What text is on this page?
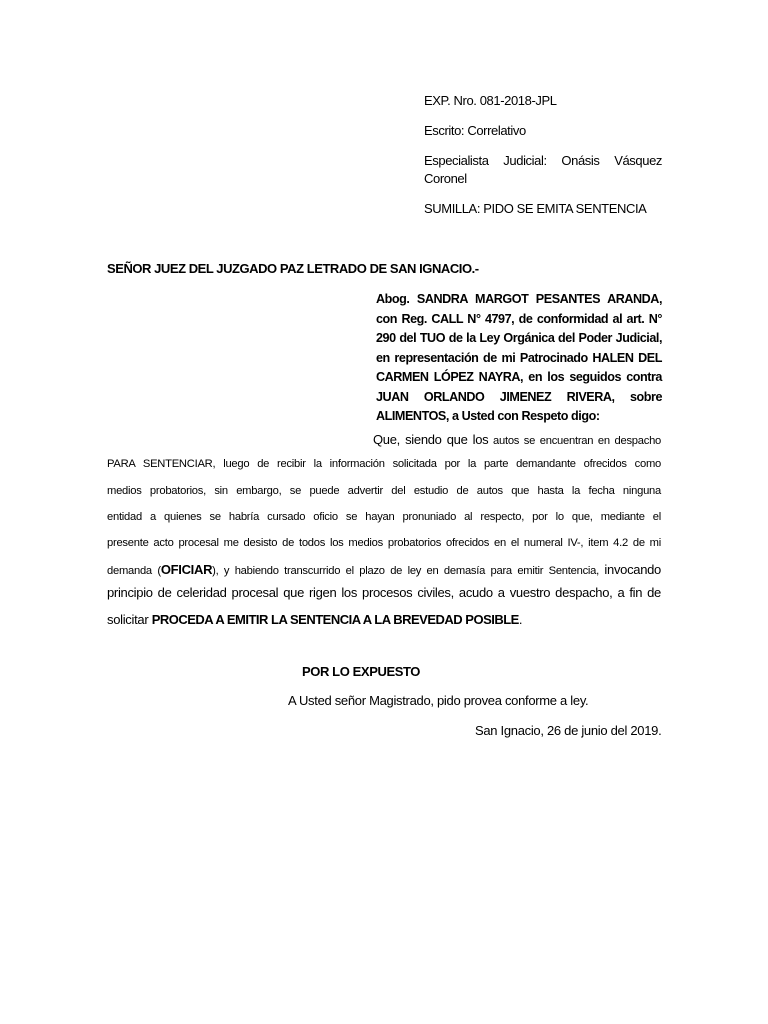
EXP. Nro. 081-2018-JPL
Escrito: Correlativo
Especialista Judicial: Onásis Vásquez
Coronel
SUMILLA: PIDO SE EMITA SENTENCIA
SEÑOR JUEZ DEL JUZGADO PAZ LETRADO DE SAN IGNACIO.-
Abog. SANDRA MARGOT PESANTES ARANDA,
con Reg. CALL N° 4797, de conformidad al art. N°
290 del TUO de la Ley Orgánica del Poder Judicial,
en representación de mi Patrocinado HALEN DEL
CARMEN LÓPEZ NAYRA, en los seguidos contra
JUAN ORLANDO JIMENEZ RIVERA, sobre
ALIMENTOS, a Usted con Respeto digo:
Que, siendo que los autos se encuentran en despacho
PARA SENTENCIAR, luego de recibir la información solicitada por la parte demandante ofrecidos como
medios probatorios, sin embargo, se puede advertir del estudio de autos que hasta la fecha ninguna
entidad a quienes se habría cursado oficio se hayan pronuniado al respecto, por lo que, mediante el
presente acto procesal me desisto de todos los medios probatorios ofrecidos en el numeral IV-, item 4.2 de mi
demanda (OFICIAR), y habiendo transcurrido el plazo de ley en demasía para emitir Sentencia, invocando
principio de celeridad procesal que rigen los procesos civiles, acudo a vuestro despacho, a fin de
solicitar PROCEDA A EMITIR LA SENTENCIA A LA BREVEDAD POSIBLE.
POR LO EXPUESTO
A Usted señor Magistrado, pido provea conforme a ley.
San Ignacio, 26 de junio del 2019.
